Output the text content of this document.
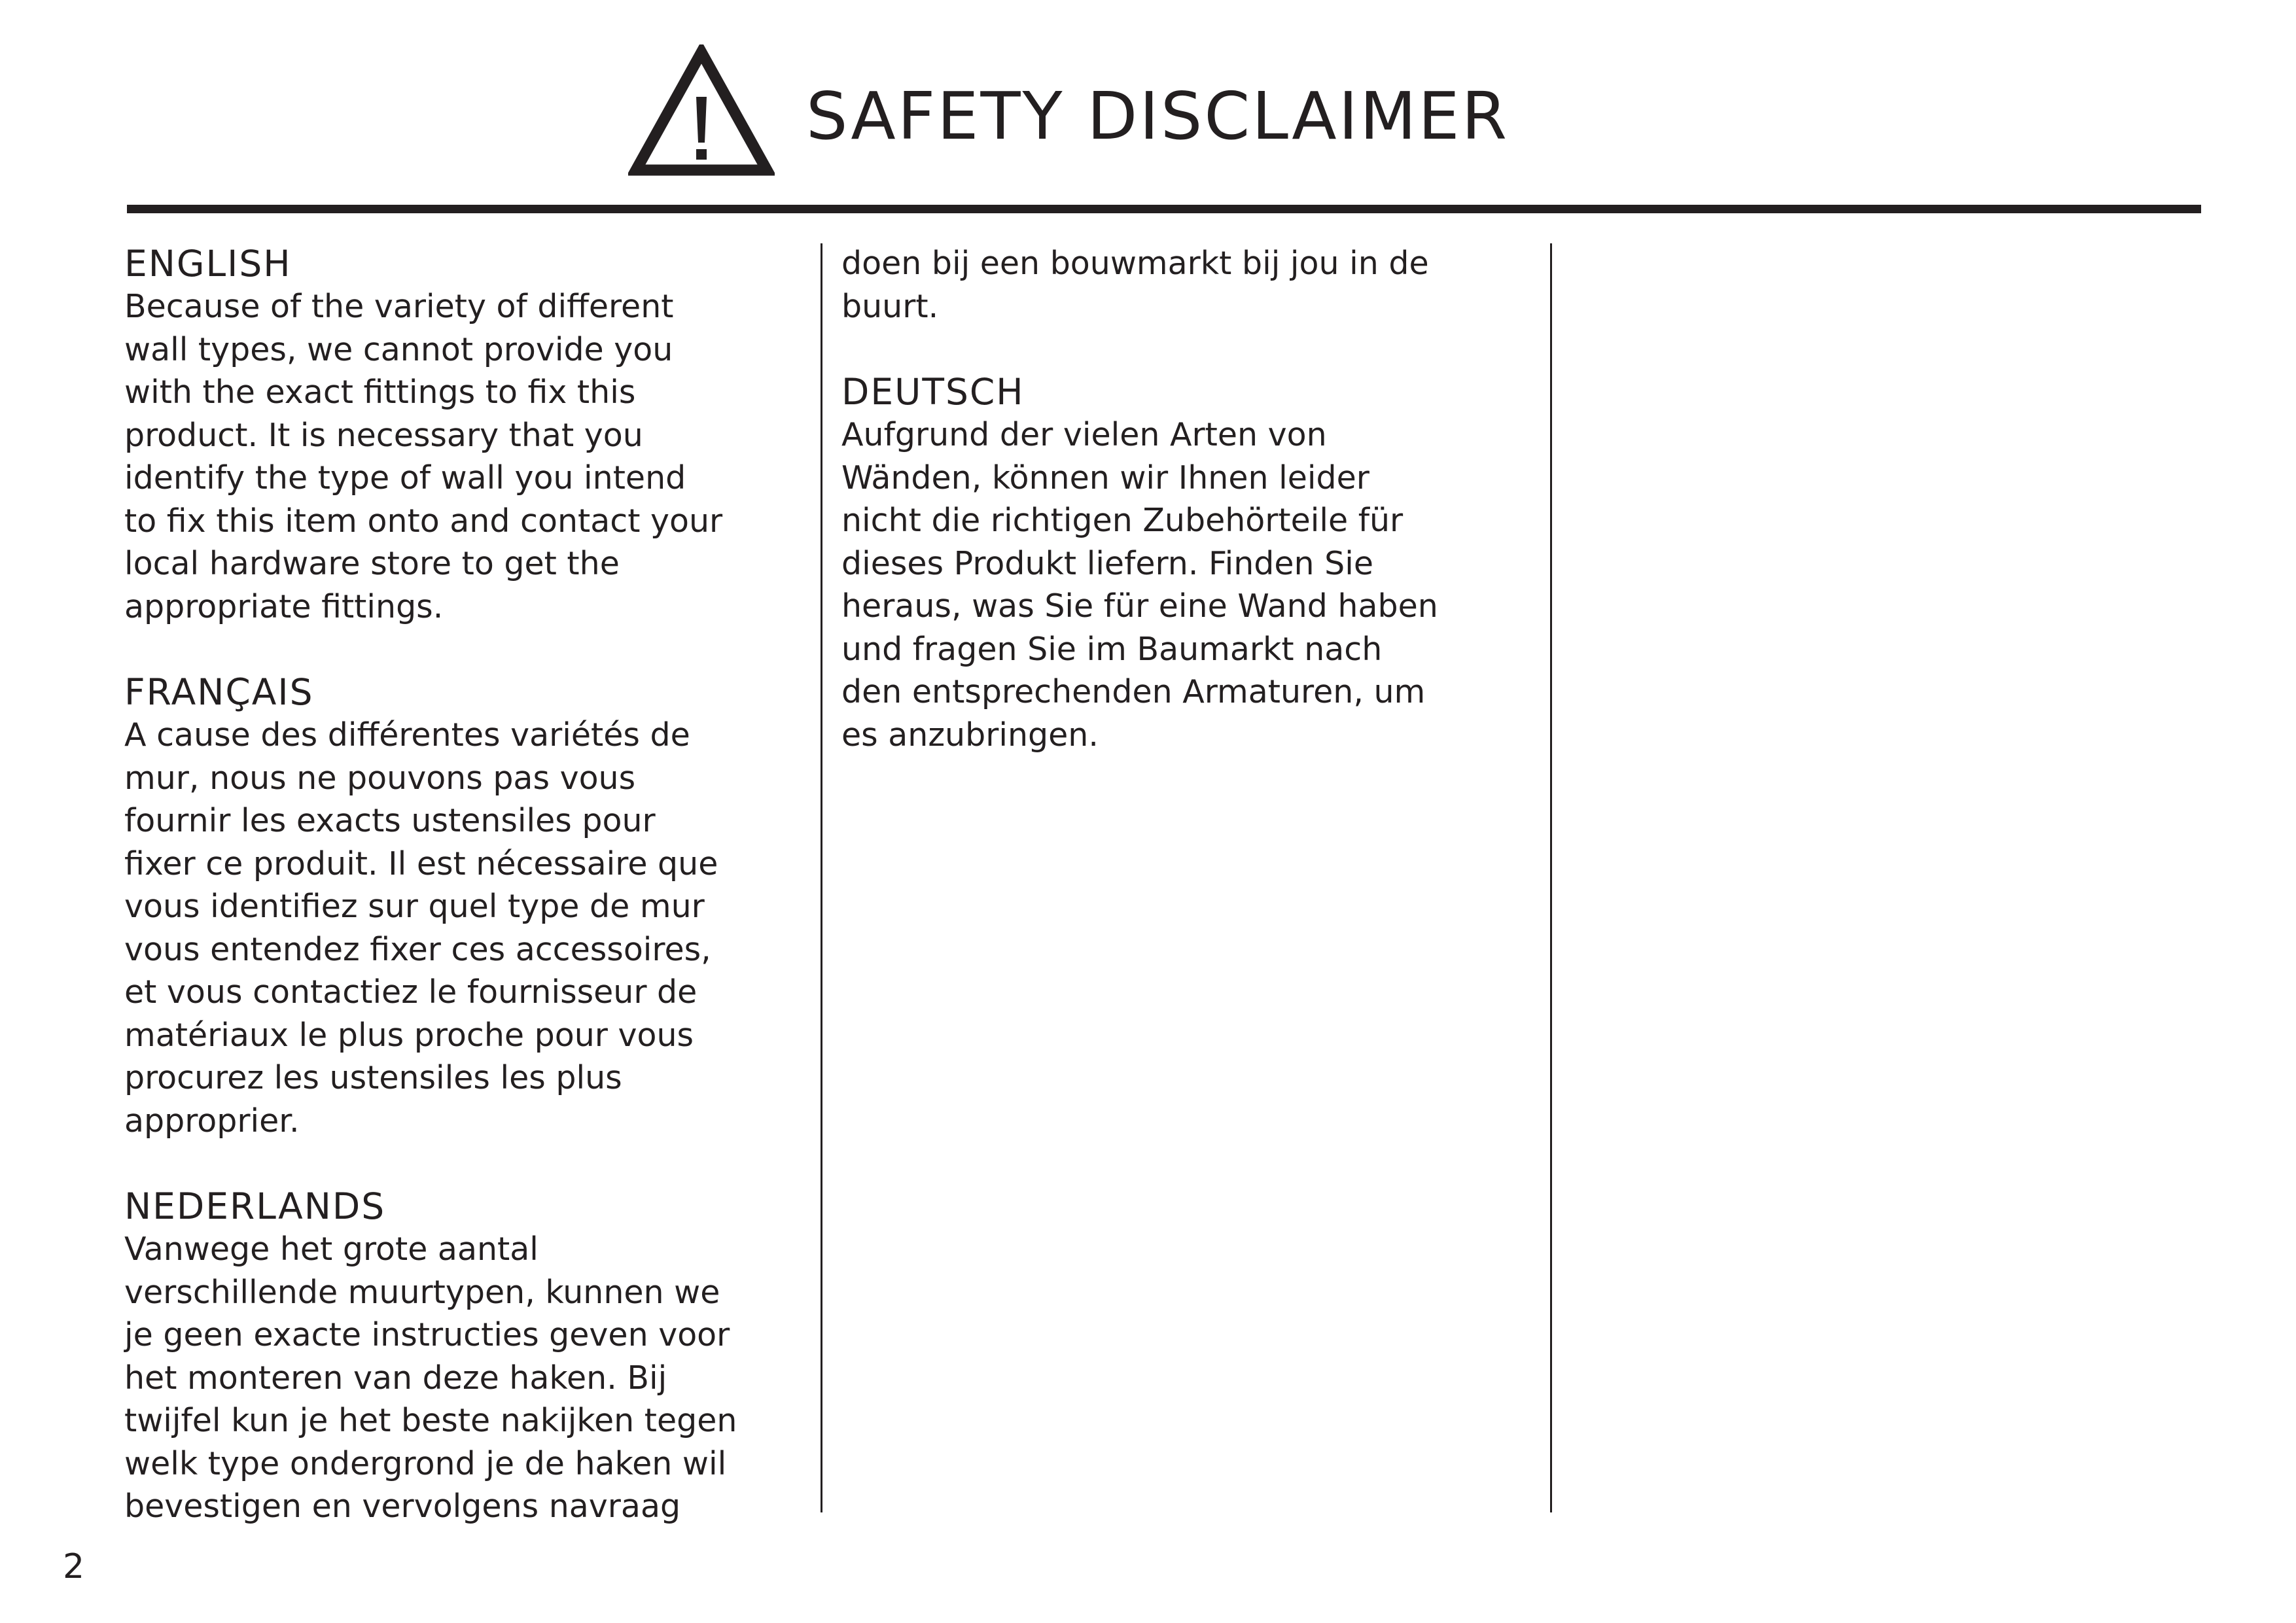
SAFETY DISCLAIMER
ENGLISH

Because of the variety of different
wall types, we cannot provide you
with the exact fittings to fix this
product. It is necessary that you
identify the type of wall you intend
to fix this item onto and contact your
local hardware store to get the
appropriate fittings.

FRANÇAIS

A cause des différentes variétés de
mur, nous ne pouvons pas vous
fournir les exacts ustensiles pour
fixer ce produit. Il est nécessaire que
vous identifiez sur quel type de mur
vous entendez fixer ces accessoires,
et vous contactiez le fournisseur de
matériaux le plus proche pour vous
procurez les ustensiles les plus
approprier.

NEDERLANDS

Vanwege het grote aantal
verschillende muurtypen, kunnen we
je geen exacte instructies geven voor
het monteren van deze haken. Bij
twijfel kun je het beste nakijken tegen
welk type ondergrond je de haken wil
bevestigen en vervolgens navraag

doen bij een bouwmarkt bij jou in de
buurt.

DEUTSCH

Aufgrund der vielen Arten von
Wänden, können wir Ihnen leider
nicht die richtigen Zubehörteile für
dieses Produkt liefern. Finden Sie
heraus, was Sie für eine Wand haben
und fragen Sie im Baumarkt nach
den entsprechenden Armaturen, um
es anzubringen.

2
